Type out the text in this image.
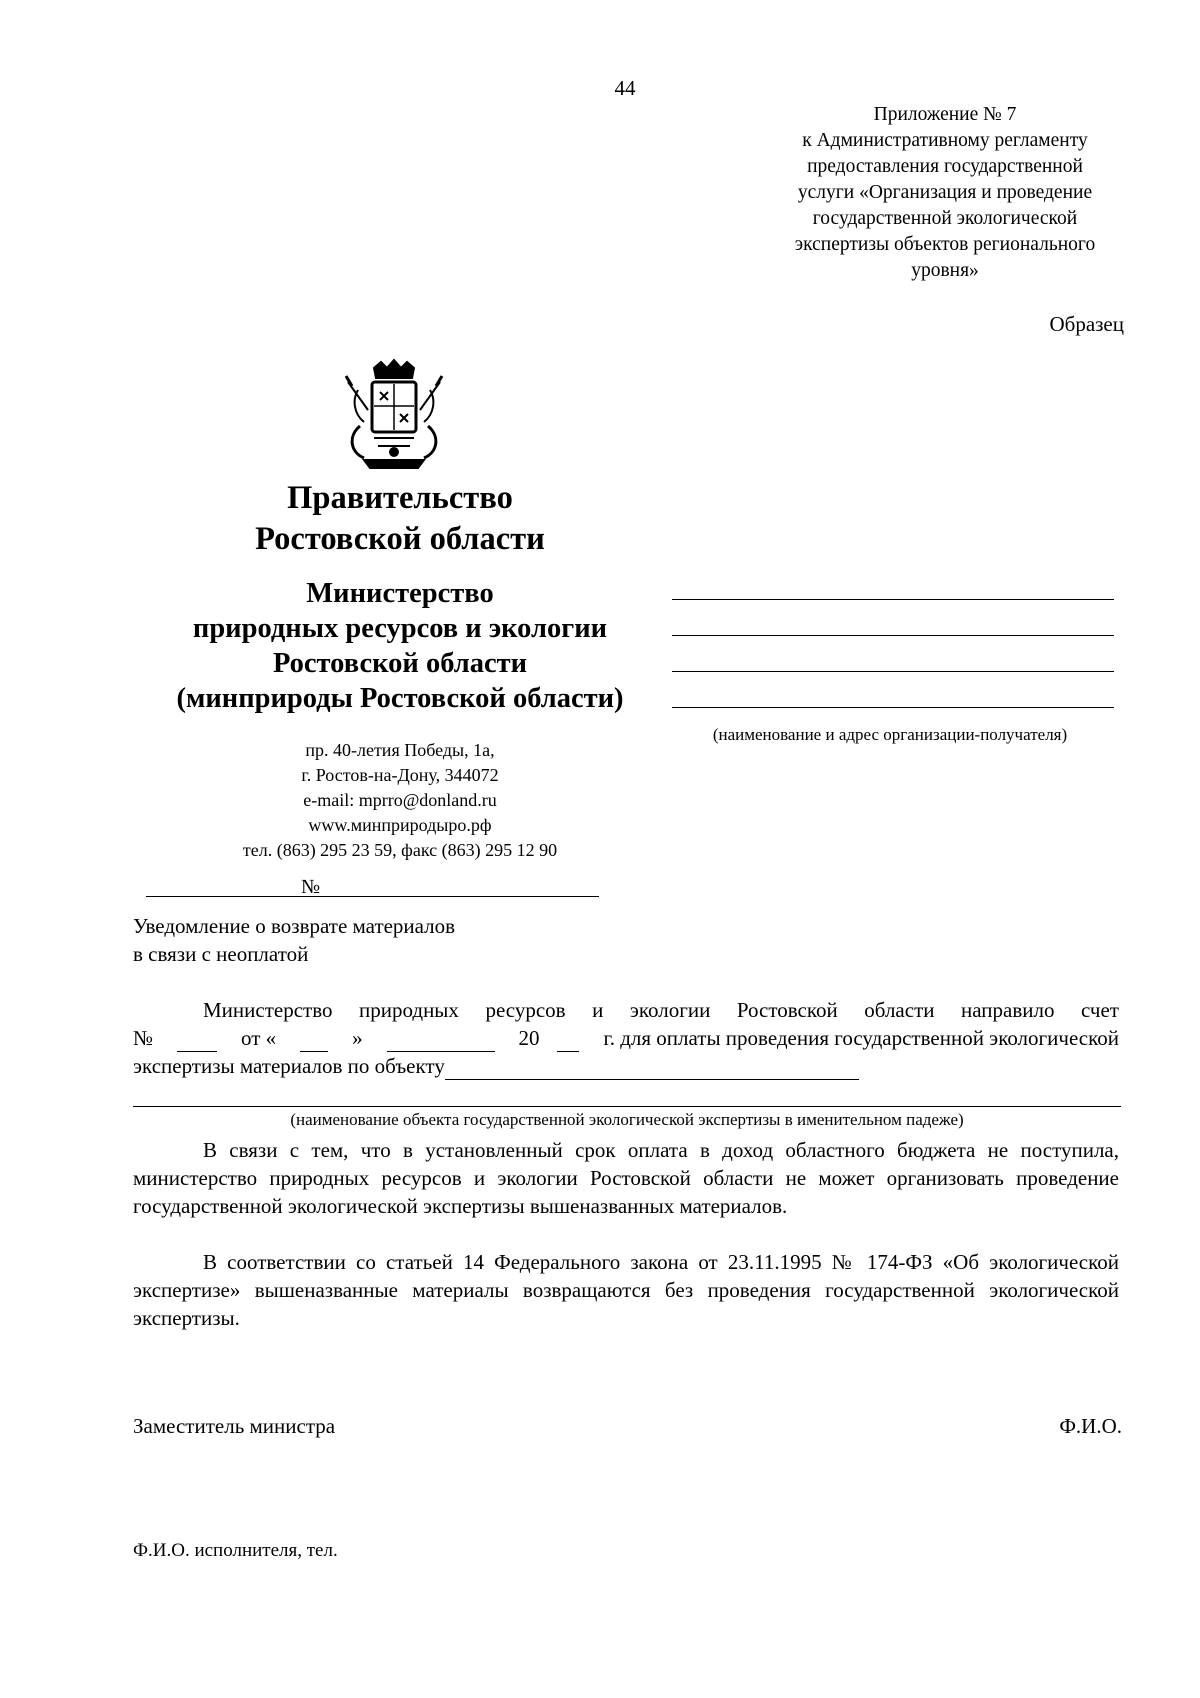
44
Приложение № 7
к Административному регламенту
предоставления государственной
услуги «Организация и проведение
государственной экологической
экспертизы объектов регионального
уровня»
Образец
Правительство
Ростовской области
Министерство
природных ресурсов и экологии
Ростовской области
(минприроды Ростовской области)
(наименование и адрес организации-получателя)
пр. 40-летия Победы, 1а,
г. Ростов-на-Дону, 344072
e-mail: mprro@donland.ru
www.минприродыро.рф
тел. (863) 295 23 59, факс (863) 295 12 90
№
Уведомление о возврате материалов
в связи с неоплатой
Министерство природных ресурсов и экологии Ростовской области направило счет
№	от «	»	20	г. для оплаты проведения государственной экологической
экспертизы материалов по объекту
(наименование объекта государственной экологической экспертизы в именительном падеже)
В связи с тем, что в установленный срок оплата в доход областного бюджета не поступила, министерство природных ресурсов и экологии Ростовской области не может организовать проведение государственной экологической экспертизы вышеназванных материалов.
В соответствии со статьей 14 Федерального закона от 23.11.1995 № 174-ФЗ «Об экологической экспертизе» вышеназванные материалы возвращаются без проведения государственной экологической экспертизы.
Заместитель министра	Ф.И.О.
Ф.И.О. исполнителя, тел.
